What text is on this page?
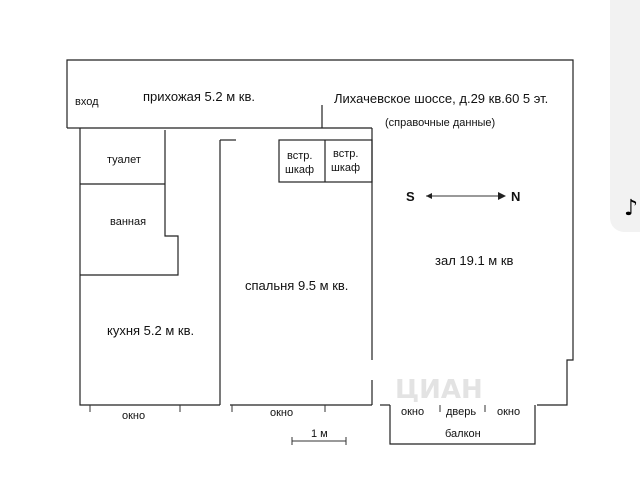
♪
ЦИАН
вход	прихожая 5.2 м кв.	Лихачевское шоссе, д.29 кв.60 5 эт.
(справочные данные)
туалет
ванная
кухня 5.2 м кв.
спальня 9.5 м кв.
зал 19.1 м кв
встр.
шкаф
встр.
шкаф
S	N
окно	окно	окно дверь окно
балкон
1 м
